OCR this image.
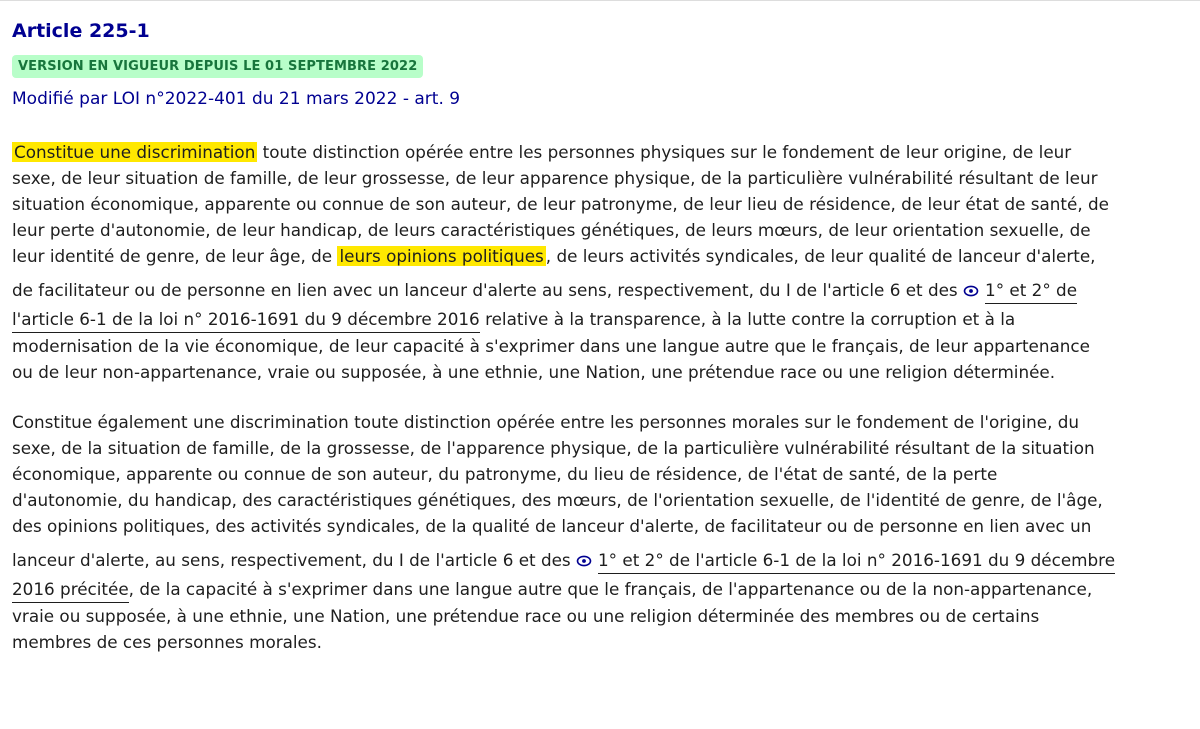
Article 225-1
VERSION EN VIGUEUR DEPUIS LE 01 SEPTEMBRE 2022
Modifié par LOI n°2022-401 du 21 mars 2022 - art. 9

Constitue une discrimination toute distinction opérée entre les personnes physiques sur le fondement de leur origine, de leur
sexe, de leur situation de famille, de leur grossesse, de leur apparence physique, de la particulière vulnérabilité résultant de leur
situation économique, apparente ou connue de son auteur, de leur patronyme, de leur lieu de résidence, de leur état de santé, de
leur perte d'autonomie, de leur handicap, de leurs caractéristiques génétiques, de leurs mœurs, de leur orientation sexuelle, de
leur identité de genre, de leur âge, de leurs opinions politiques , de leurs activités syndicales, de leur qualité de lanceur d'alerte,
de facilitateur ou de personne en lien avec un lanceur d'alerte au sens, respectivement, du I de l'article 6 et des 1° et 2° de
l'article 6-1 de la loi n° 2016-1691 du 9 décembre 2016 relative à la transparence, à la lutte contre la corruption et à la
modernisation de la vie économique, de leur capacité à s'exprimer dans une langue autre que le français, de leur appartenance
ou de leur non-appartenance, vraie ou supposée, à une ethnie, une Nation, une prétendue race ou une religion déterminée.

Constitue également une discrimination toute distinction opérée entre les personnes morales sur le fondement de l'origine, du
sexe, de la situation de famille, de la grossesse, de l'apparence physique, de la particulière vulnérabilité résultant de la situation
économique, apparente ou connue de son auteur, du patronyme, du lieu de résidence, de l'état de santé, de la perte
d'autonomie, du handicap, des caractéristiques génétiques, des mœurs, de l'orientation sexuelle, de l'identité de genre, de l'âge,
des opinions politiques, des activités syndicales, de la qualité de lanceur d'alerte, de facilitateur ou de personne en lien avec un
lanceur d'alerte, au sens, respectivement, du I de l'article 6 et des 1° et 2° de l'article 6-1 de la loi n° 2016-1691 du 9 décembre
2016 précitée, de la capacité à s'exprimer dans une langue autre que le français, de l'appartenance ou de la non-appartenance,
vraie ou supposée, à une ethnie, une Nation, une prétendue race ou une religion déterminée des membres ou de certains
membres de ces personnes morales.
